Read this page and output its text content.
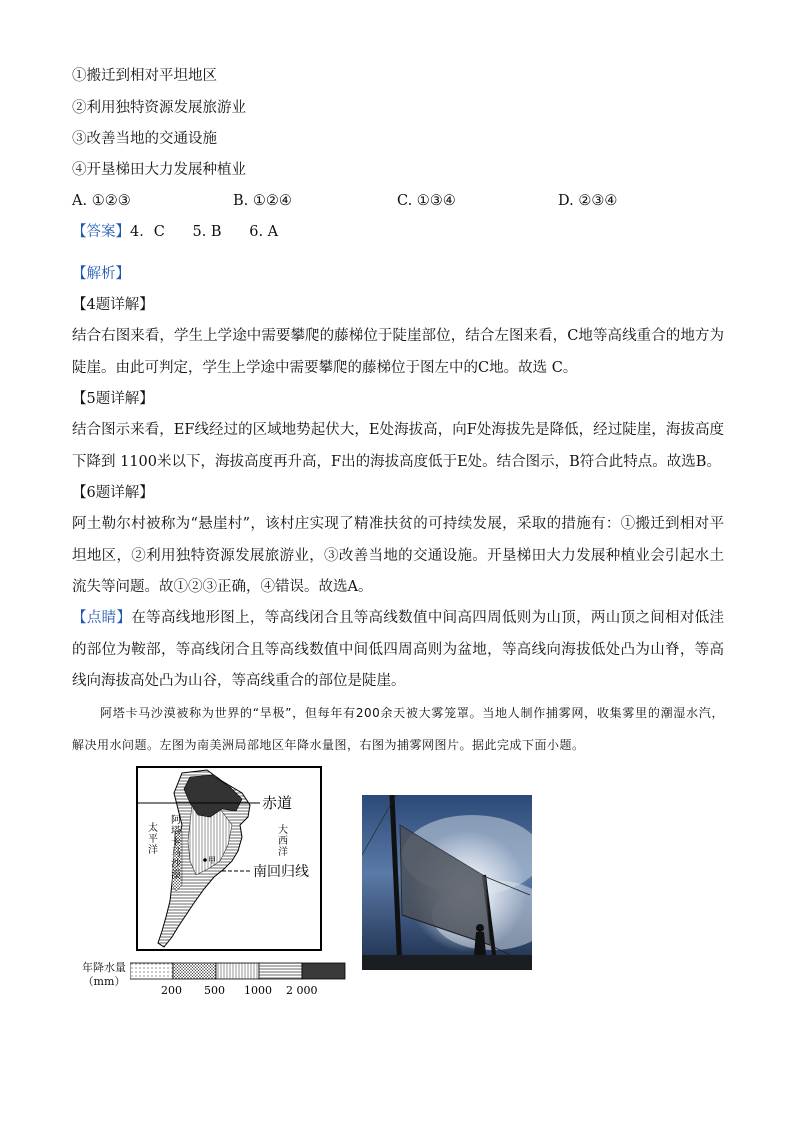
①搬迁到相对平坦地区
②利用独特资源发展旅游业
③改善当地的交通设施
④开垦梯田大力发展种植业
A. ①②③	B. ①②④	C. ①③④	D. ②③④
【答案】4．C      5. B      6. A
【解析】
【4题详解】
结合右图来看，学生上学途中需要攀爬的藤梯位于陡崖部位，结合左图来看，C地等高线重合的地方为陡崖。由此可判定，学生上学途中需要攀爬的藤梯位于图左中的C地。故选 C。
【5题详解】
结合图示来看，EF线经过的区域地势起伏大，E处海拔高，向F处海拔先是降低，经过陡崖，海拔高度下降到 1100米以下，海拔高度再升高，F出的海拔高度低于E处。结合图示，B符合此特点。故选B。
【6题详解】
阿土勒尔村被称为“悬崖村”，该村庄实现了精准扶贫的可持续发展，采取的措施有：①搬迁到相对平坦地区，②利用独特资源发展旅游业，③改善当地的交通设施。开垦梯田大力发展种植业会引起水土流失等问题。故①②③正确，④错误。故选A。
【点睛】在等高线地形图上，等高线闭合且等高线数值中间高四周低则为山顶，两山顶之间相对低洼的部位为鞍部，等高线闭合且等高线数值中间低四周高则为盆地，等高线向海拔低处凸为山脊，等高线向海拔高处凸为山谷，等高线重合的部位是陡崖。
阿塔卡马沙漠被称为世界的“旱极”，但每年有200余天被大雾笼罩。当地人制作捕雾网，收集雾里的潮湿水汽，解决用水问题。左图为南美洲局部地区年降水量图，右图为捕雾网图片。据此完成下面小题。
赤道
南回归线
甲
太平洋
大西洋
阿塔卡马沙漠
年降水量
（mm）
200 500 1000 2 000
